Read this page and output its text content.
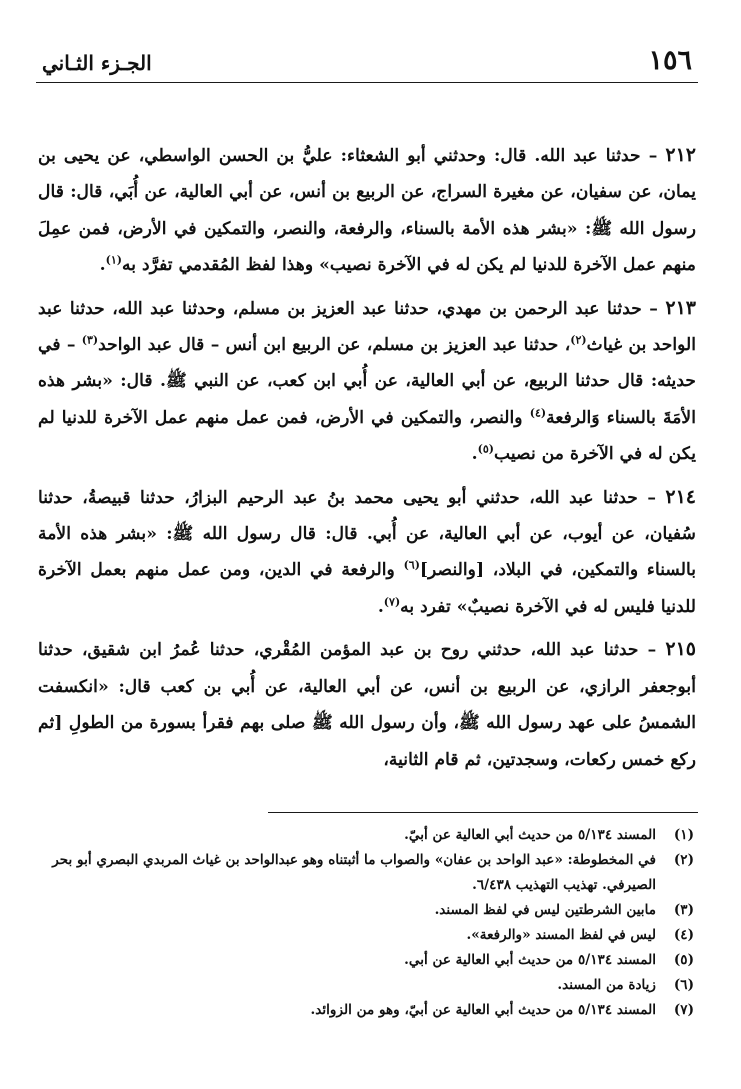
١٥٦
الجـزء الثـاني

٢١٢ – حدثنا عبد الله. قال: وحدثني أبو الشعثاء: عليُّ بن الحسن الواسطي، عن يحيى بن يمان، عن سفيان، عن مغيرة السراج، عن الربيع بن أنس، عن أبي العالية، عن أُبَي، قال: قال رسول الله ﷺ: «بشر هذه الأمة بالسناء، والرفعة، والنصر، والتمكين في الأرض، فمن عمِلَ منهم عمل الآخرة للدنيا لم يكن له في الآخرة نصيب» وهذا لفظ المُقدمي تفرَّد به$^{(١)}$.

٢١٣ – حدثنا عبد الرحمن بن مهدي، حدثنا عبد العزيز بن مسلم، وحدثنا عبد الله، حدثنا عبد الواحد بن غياث$^{(٢)}$، حدثنا عبد العزيز بن مسلم، عن الربيع ابن أنس – قال عبد الواحد$^{(٣)}$ – في حديثه: قال حدثنا الربيع، عن أبي العالية، عن أُبي ابن كعب، عن النبي ﷺ. قال: «بشر هذه الأمَةَ بالسناء وَالرفعة$^{(٤)}$ والنصر، والتمكين في الأرض، فمن عمل منهم عمل الآخرة للدنيا لم يكن له في الآخرة من نصيب$^{(٥)}$.

٢١٤ – حدثنا عبد الله، حدثني أبو يحيى محمد بنُ عبد الرحيم البزارُ، حدثنا قبيصةُ، حدثنا سُفيان، عن أيوب، عن أبي العالية، عن أُبي. قال: قال رسول الله ﷺ: «بشر هذه الأمة بالسناء والتمكين، في البلاد، [والنصر]$^{(٦)}$ والرفعة في الدين، ومن عمل منهم بعمل الآخرة للدنيا فليس له في الآخرة نصيبٌ» تفرد به$^{(٧)}$.

٢١٥ – حدثنا عبد الله، حدثني روح بن عبد المؤمن المُقْري، حدثنا عُمرُ ابن شقيق، حدثنا أبوجعفر الرازي، عن الربيع بن أنس، عن أبي العالية، عن أُبي بن كعب قال: «انكسفت الشمسُ على عهد رسول الله ﷺ، وأن رسول الله ﷺ صلى بهم فقرأ بسورة من الطولِ [ثم ركع خمس ركعات، وسجدتين، ثم قام الثانية،

(١)
المسند ٥/١٣٤ من حديث أبي العالية عن أبيّ.
(٢)
في المخطوطة: «عبد الواحد بن عفان» والصواب ما أثبتناه وهو عبدالواحد بن غياث المربدي البصري أبو بحر الصيرفي. تهذيب التهذيب ٦/٤٣٨.
(٣)
مابين الشرطتين ليس في لفظ المسند.
(٤)
ليس في لفظ المسند «والرفعة».
(٥)
المسند ٥/١٣٤ من حديث أبي العالية عن أبي.
(٦)
زيادة من المسند.
(٧)
المسند ٥/١٣٤ من حديث أبي العالية عن أبيّ، وهو من الزوائد.
